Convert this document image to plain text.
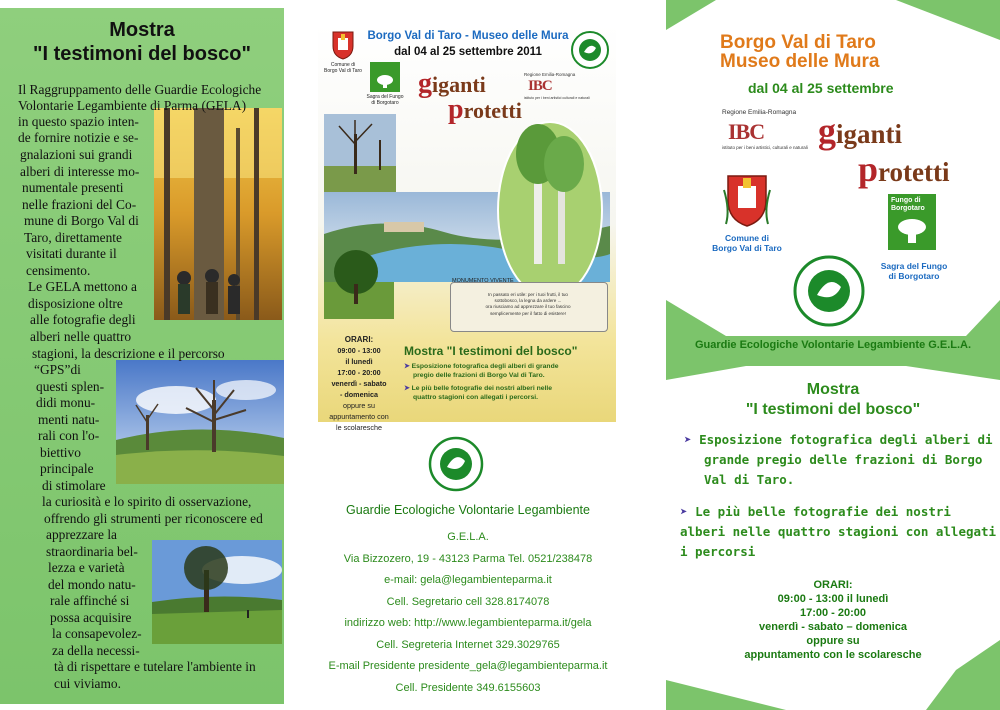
Mostra
"I testimoni del bosco"
Il Raggruppamento delle Guardie Ecologiche
Volontarie Legambiente di Parma (GELA)
in questo spazio inten-
de fornire notizie e se-
gnalazioni sui grandi
alberi di interesse mo-
numentale presenti
nelle frazioni del Co-
mune di Borgo Val di
Taro, direttamente
visitati durante il
censimento.
Le GELA mettono a
disposizione oltre
alle fotografie degli
alberi nelle quattro
stagioni, la descrizione e il percorso
“GPS”di
questi splen-
didi monu-
menti natu-
rali con l'o-
biettivo
principale
di stimolare
la curiosità e lo spirito di osservazione,
offrendo gli strumenti per riconoscere ed
apprezzare la
straordinaria bel-
lezza e varietà
del mondo natu-
rale affinché si
possa acquisire
la consapevolez-
za della necessi-
tà di rispettare e tutelare l'ambiente in
cui viviamo.
Comune di
Borgo Val di Taro
Borgo Val di Taro - Museo delle Mura
dal 04 al 25 settembre 2011
Sagra del Fungo
di Borgotaro
giganti
protetti
Regione Emilia-Romagna
IBC
istituto per i beni artistici culturali e naturali
MONUMENTO VIVENTE
In passato eri utile: per i tuoi frutti, il tuo
sottobosco, la legna da ardere ...
ora riusciamo ad apprezzare il tuo fascino
semplicemente per il fatto di esistere!
ORARI:
09:00 - 13:00
il lunedì
17:00 - 20:00
venerdì - sabato
- domenica
oppure su
appuntamento con
le scolaresche
Mostra "I testimoni del bosco"
➤ Esposizione fotografica degli alberi di grande
pregio delle frazioni di Borgo Val di Taro.
➤ Le più belle fotografie dei nostri alberi nelle
quattro stagioni con allegati i percorsi.
Guardie Ecologiche Volontarie Legambiente
G.E.L.A.
Via Bizzozero, 19 - 43123 Parma Tel. 0521/238478
e-mail: gela@legambienteparma.it
Cell. Segretario cell 328.8174078
indirizzo web: http://www.legambienteparma.it/gela
Cell. Segreteria Internet 329.3029765
E-mail Presidente presidente_gela@legambienteparma.it
Cell. Presidente 349.6155603
Borgo Val di Taro
Museo delle Mura
dal 04 al 25 settembre
Regione Emilia-Romagna
IBC
istituto per i beni artistici, culturali e naturali giganti
protetti
Comune di
Borgo Val di Taro
Fungo di
Borgotaro
Sagra del Fungo
di Borgotaro
Guardie Ecologiche Volontarie Legambiente G.E.L.A.
Mostra
"I testimoni del bosco"
➤ Esposizione fotografica degli alberi di
grande pregio delle frazioni di Borgo
Val di Taro.
➤ Le più belle fotografie dei nostri
alberi nelle quattro stagioni con allegati
i percorsi
ORARI:
09:00 - 13:00 il lunedì
17:00 - 20:00
venerdì - sabato – domenica
oppure su
appuntamento con le scolaresche
